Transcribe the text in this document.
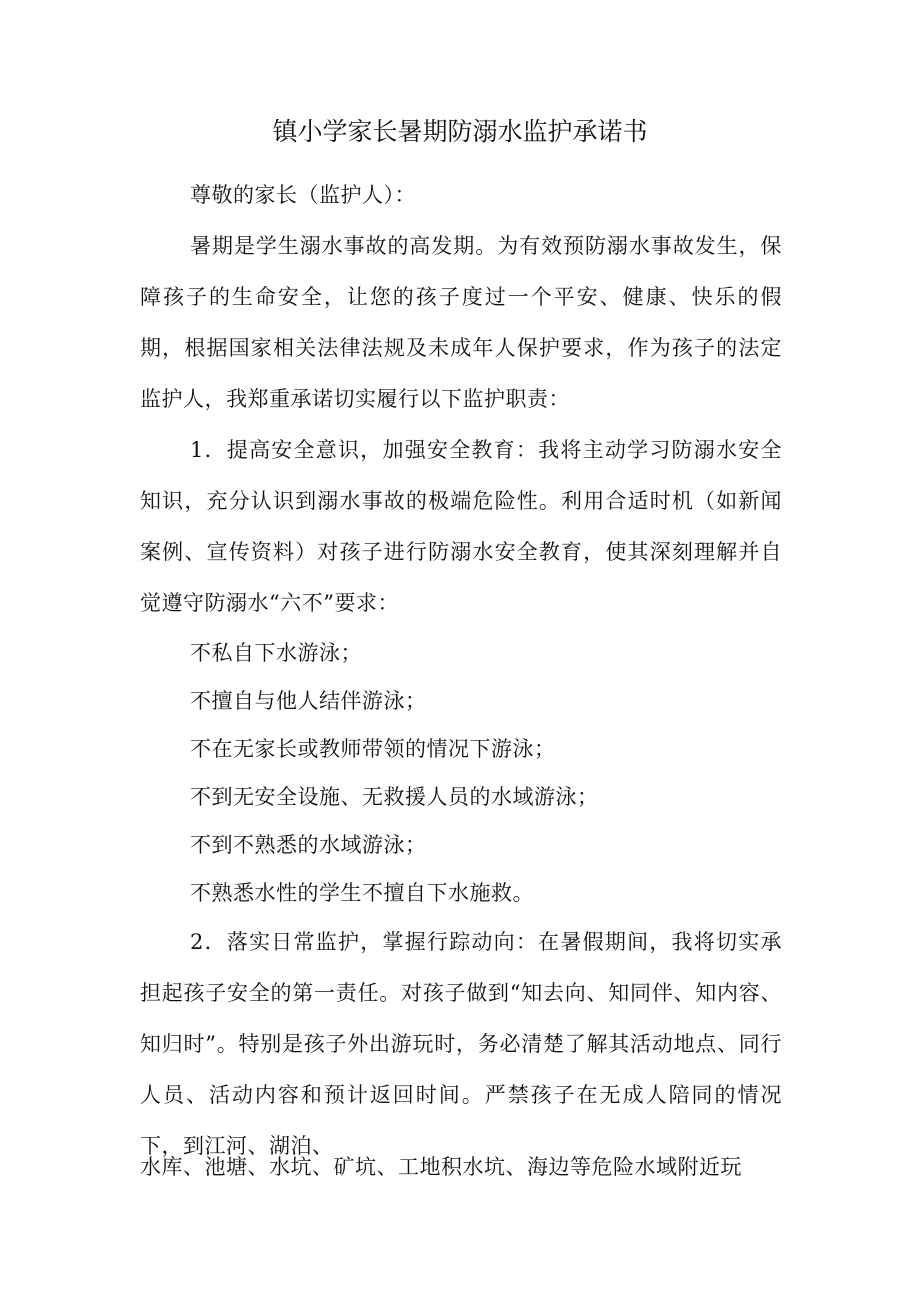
镇小学家长暑期防溺水监护承诺书

尊敬的家长（监护人）：

暑期是学生溺水事故的高发期。为有效预防溺水事故发生，保障孩子的生命安全，让您的孩子度过一个平安、健康、快乐的假期，根据国家相关法律法规及未成年人保护要求，作为孩子的法定监护人，我郑重承诺切实履行以下监护职责：

1．提高安全意识，加强安全教育：我将主动学习防溺水安全知识，充分认识到溺水事故的极端危险性。利用合适时机（如新闻案例、宣传资料）对孩子进行防溺水安全教育，使其深刻理解并自觉遵守防溺水“六不”要求：

不私自下水游泳；

不擅自与他人结伴游泳；

不在无家长或教师带领的情况下游泳；

不到无安全设施、无救援人员的水域游泳；

不到不熟悉的水域游泳；

不熟悉水性的学生不擅自下水施救。

2．落实日常监护，掌握行踪动向：在暑假期间，我将切实承担起孩子安全的第一责任。对孩子做到“知去向、知同伴、知内容、知归时”。特别是孩子外出游玩时，务必清楚了解其活动地点、同行人员、活动内容和预计返回时间。严禁孩子在无成人陪同的情况下，到江河、湖泊、

水库、池塘、水坑、矿坑、工地积水坑、海边等危险水域附近玩
